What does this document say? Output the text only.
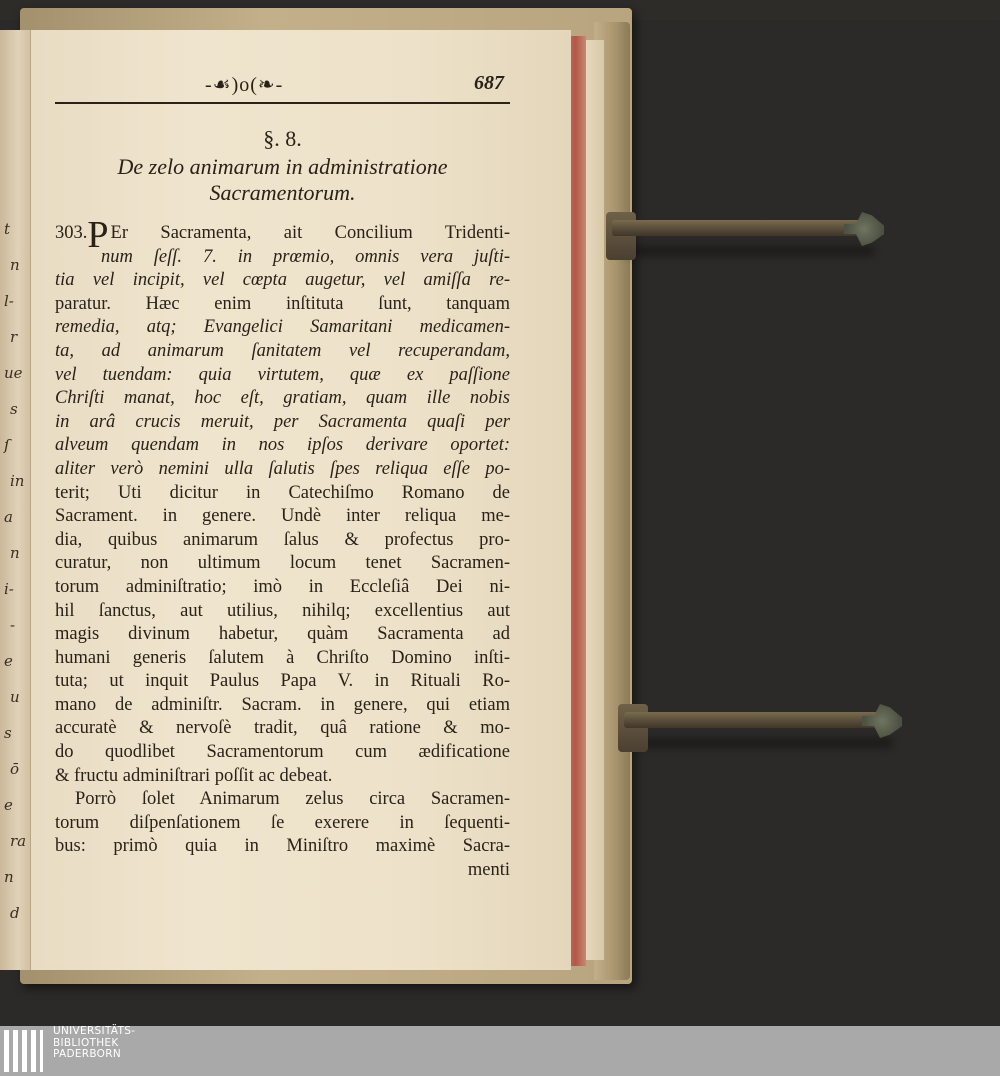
t
n
l-
r
ue
s
ſ
in
a
n
i-
-
e
u
s
ō
e
ra
n
d
-☙)o(❧-	687
§. 8.
De zelo animarum in administratione
Sacramentorum.
303.P Er Sacramenta, ait Concilium Tridenti-
num ſeſſ. 7. in prœmio, omnis vera juſti-
tia vel incipit, vel cœpta augetur, vel amiſſa re-
paratur. Hæc enim inſtituta ſunt, tanquam
remedia, atq; Evangelici Samaritani medicamen-
ta, ad animarum ſanitatem vel recuperandam,
vel tuendam: quia virtutem, quæ ex paſſione
Chriſti manat, hoc eſt, gratiam, quam ille nobis
in arâ crucis meruit, per Sacramenta quaſi per
alveum quendam in nos ipſos derivare oportet:
aliter verò nemini ulla ſalutis ſpes reliqua eſſe po-
terit; Uti dicitur in Catechiſmo Romano de
Sacrament. in genere. Undè inter reliqua me-
dia, quibus animarum ſalus & profectus pro-
curatur, non ultimum locum tenet Sacramen-
torum adminiſtratio; imò in Eccleſiâ Dei ni-
hil ſanctus, aut utilius, nihilq; excellentius aut
magis divinum habetur, quàm Sacramenta ad
humani generis ſalutem à Chriſto Domino inſti-
tuta; ut inquit Paulus Papa V. in Rituali Ro-
mano de adminiſtr. Sacram. in genere, qui etiam
accuratè & nervoſè tradit, quâ ratione & mo-
do quodlibet Sacramentorum cum ædificatione
& fructu adminiſtrari poſſit ac debeat.
Porrò ſolet Animarum zelus circa Sacramen-
torum diſpenſationem ſe exerere in ſequenti-
bus: primò quia in Miniſtro maximè Sacra-
menti
UNIVERSITÄTS-
BIBLIOTHEK
PADERBORN
